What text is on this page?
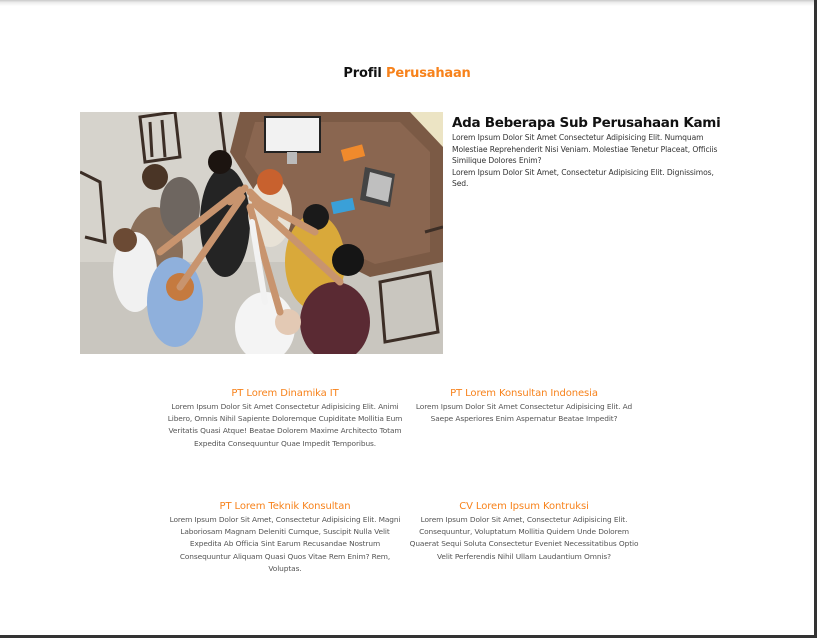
Profil Perusahaan
Ada Beberapa Sub Perusahaan Kami

Lorem Ipsum Dolor Sit Amet Consectetur Adipisicing Elit. Numquam Molestiae Reprehenderit Nisi Veniam. Molestiae Tenetur Placeat, Officiis Similique Dolores Enim?

Lorem Ipsum Dolor Sit Amet, Consectetur Adipisicing Elit. Dignissimos, Sed.

PT Lorem Dinamika IT

Lorem Ipsum Dolor Sit Amet Consectetur Adipisicing Elit. Animi Libero, Omnis Nihil Sapiente Doloremque Cupiditate Mollitia Eum Veritatis Quasi Atque! Beatae Dolorem Maxime Architecto Totam Expedita Consequuntur Quae Impedit Temporibus.

PT Lorem Konsultan Indonesia

Lorem Ipsum Dolor Sit Amet Consectetur Adipisicing Elit. Ad Saepe Asperiores Enim Aspernatur Beatae Impedit?

PT Lorem Teknik Konsultan

Lorem Ipsum Dolor Sit Amet, Consectetur Adipisicing Elit. Magni Laboriosam Magnam Deleniti Cumque, Suscipit Nulla Velit Expedita Ab Officia Sint Earum Recusandae Nostrum Consequuntur Aliquam Quasi Quos Vitae Rem Enim? Rem, Voluptas.

CV Lorem Ipsum Kontruksi

Lorem Ipsum Dolor Sit Amet, Consectetur Adipisicing Elit. Consequuntur, Voluptatum Mollitia Quidem Unde Dolorem Quaerat Sequi Soluta Consectetur Eveniet Necessitatibus Optio Velit Perferendis Nihil Ullam Laudantium Omnis?
